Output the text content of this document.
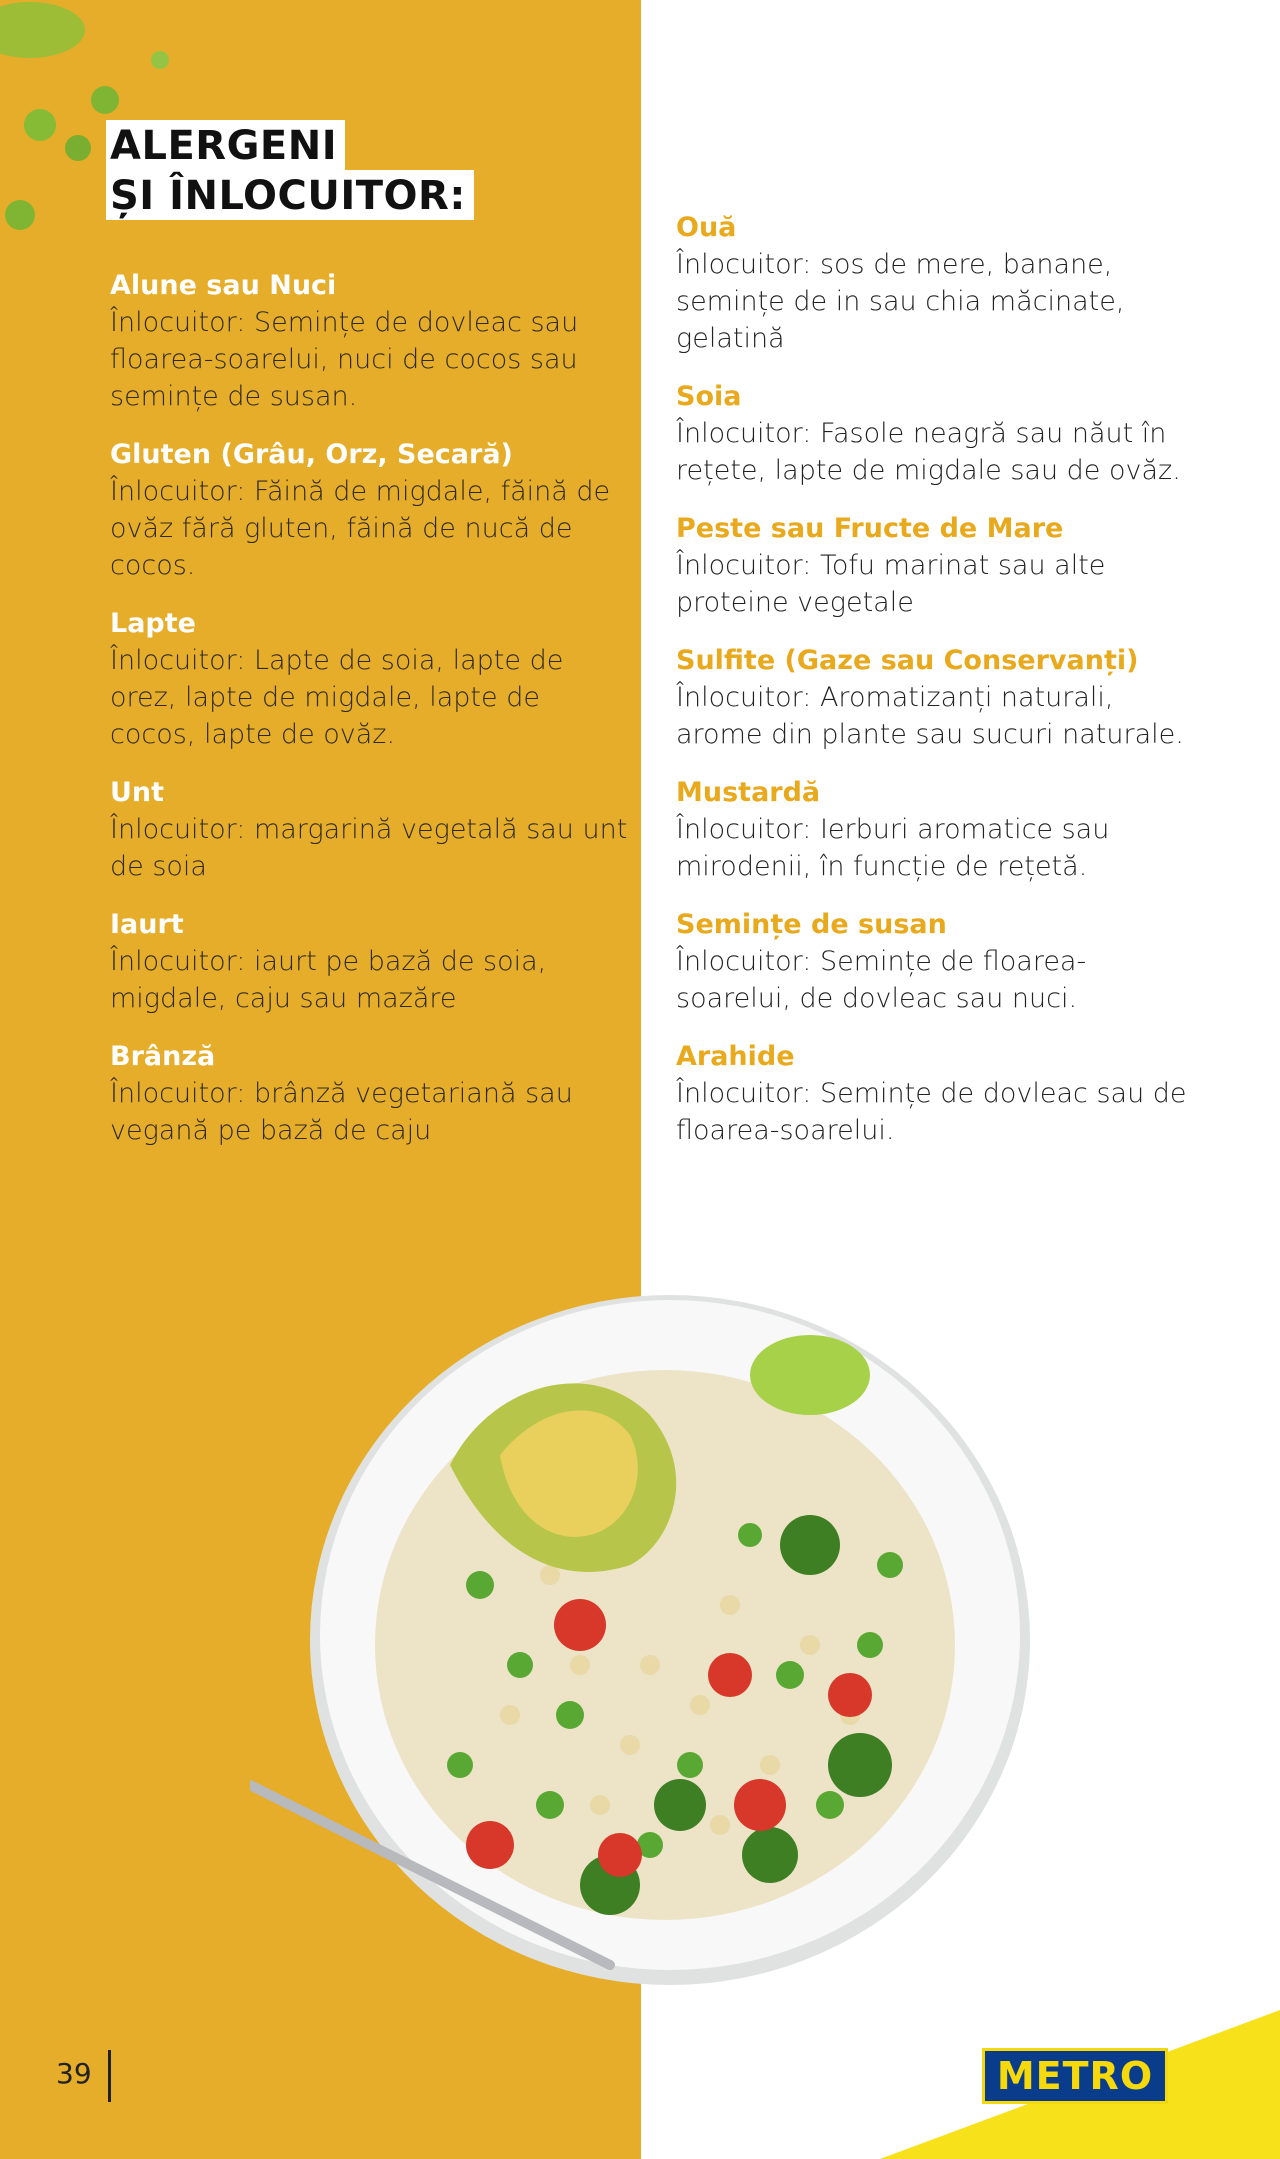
ALERGENI
ȘI ÎNLOCUITOR:
Alune sau Nuci
Înlocuitor: Semințe de dovleac sau floarea-soarelui, nuci de cocos sau semințe de susan.
Gluten (Grâu, Orz, Secară)
Înlocuitor: Făină de migdale, făină de ovăz fără gluten, făină de nucă de cocos.
Lapte
Înlocuitor: Lapte de soia, lapte de orez, lapte de migdale, lapte de cocos, lapte de ovăz.
Unt
Înlocuitor: margarină vegetală sau unt de soia
Iaurt
Înlocuitor: iaurt pe bază de soia, migdale, caju sau mazăre
Brânză
Înlocuitor: brânză vegetariană sau vegană pe bază de caju
Ouă
Înlocuitor: sos de mere, banane, semințe de in sau chia măcinate, gelatină
Soia
Înlocuitor: Fasole neagră sau năut în rețete, lapte de migdale sau de ovăz.
Peste sau Fructe de Mare
Înlocuitor: Tofu marinat sau alte proteine vegetale
Sulfite (Gaze sau Conservanți)
Înlocuitor: Aromatizanți naturali, arome din plante sau sucuri naturale.
Mustardă
Înlocuitor: Ierburi aromatice sau mirodenii, în funcție de rețetă.
Semințe de susan
Înlocuitor: Semințe de floarea-soarelui, de dovleac sau nuci.
Arahide
Înlocuitor: Semințe de dovleac sau de floarea-soarelui.
39	METRO
